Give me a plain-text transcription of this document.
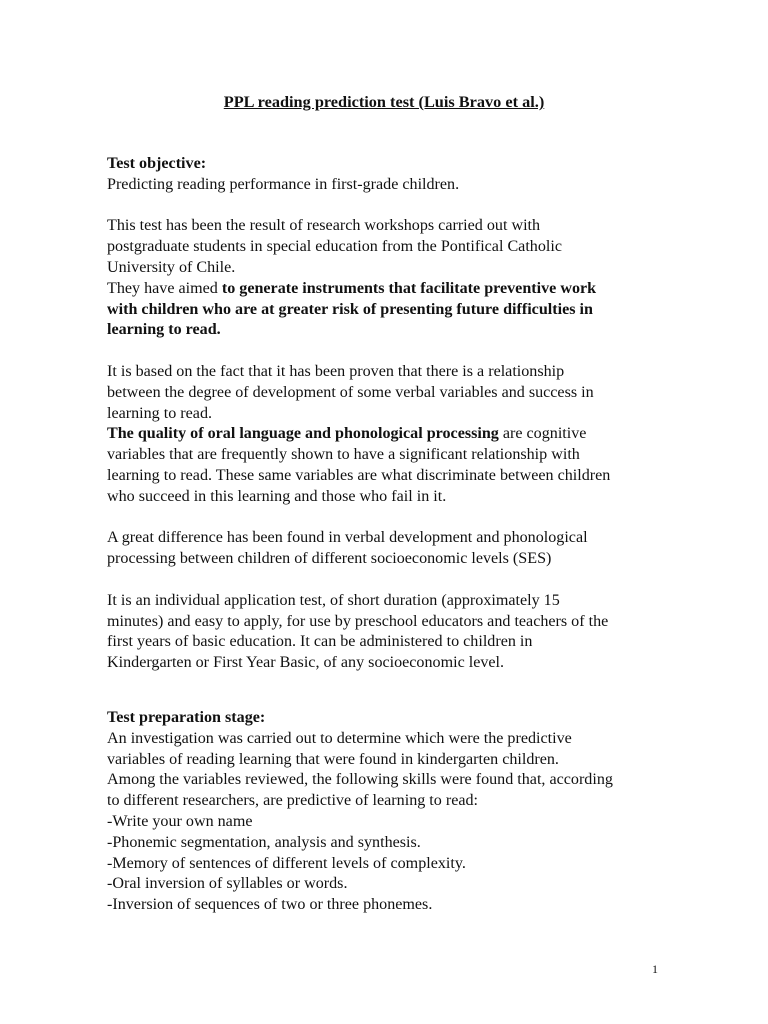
PPL reading prediction test (Luis Bravo et al.)

Test objective:

Predicting reading performance in first-grade children.

This test has been the result of research workshops carried out with

postgraduate students in special education from the Pontifical Catholic

University of Chile.

They have aimed to generate instruments that facilitate preventive work

with children who are at greater risk of presenting future difficulties in

learning to read.

It is based on the fact that it has been proven that there is a relationship

between the degree of development of some verbal variables and success in

learning to read.

The quality of oral language and phonological processing are cognitive

variables that are frequently shown to have a significant relationship with

learning to read. These same variables are what discriminate between children

who succeed in this learning and those who fail in it.

A great difference has been found in verbal development and phonological

processing between children of different socioeconomic levels (SES)

It is an individual application test, of short duration (approximately 15

minutes) and easy to apply, for use by preschool educators and teachers of the

first years of basic education. It can be administered to children in

Kindergarten or First Year Basic, of any socioeconomic level.

Test preparation stage:

An investigation was carried out to determine which were the predictive

variables of reading learning that were found in kindergarten children.

Among the variables reviewed, the following skills were found that, according

to different researchers, are predictive of learning to read:

-Write your own name

-Phonemic segmentation, analysis and synthesis.

-Memory of sentences of different levels of complexity.

-Oral inversion of syllables or words.

-Inversion of sequences of two or three phonemes.

1
